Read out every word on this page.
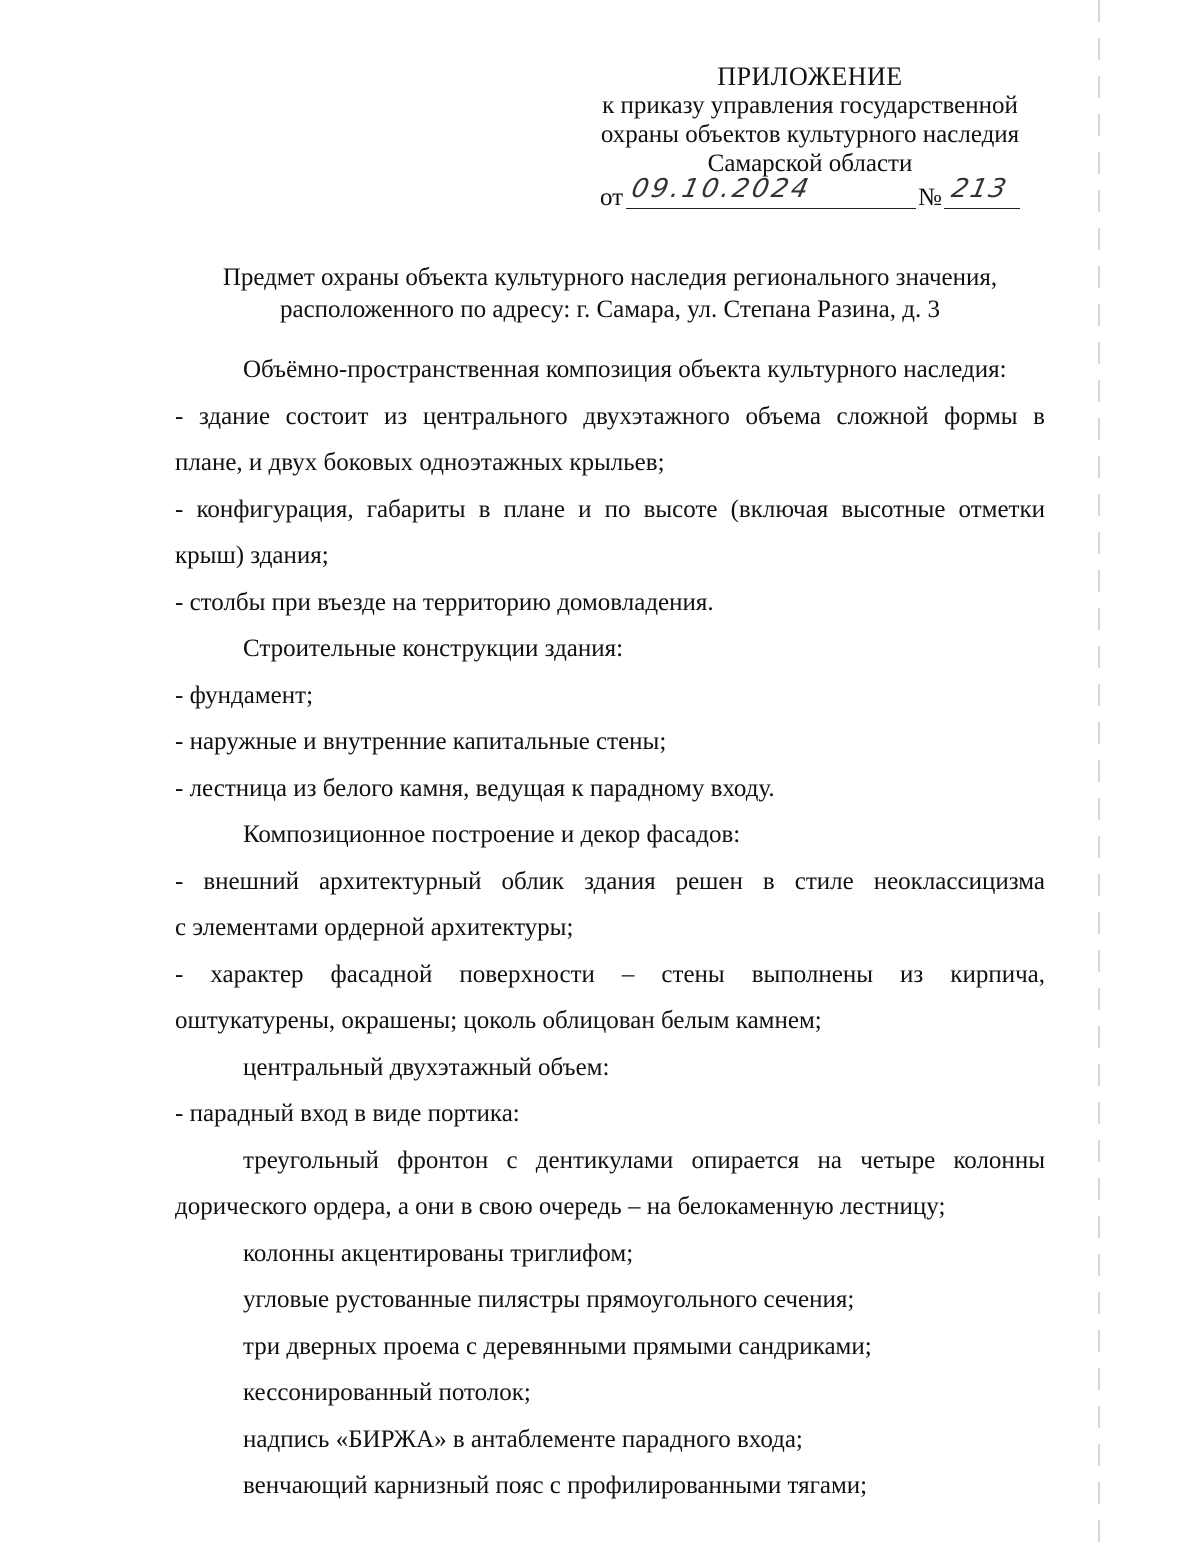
ПРИЛОЖЕНИЕ
к приказу управления государственной
охраны объектов культурного наследия
Самарской области
от 09.10.2024	№ 213
Предмет охраны объекта культурного наследия регионального значения,
расположенного по адресу: г. Самара, ул. Степана Разина, д. 3
Объёмно-пространственная композиция объекта культурного наследия:
- здание состоит из центрального двухэтажного объема сложной формы в
плане, и двух боковых одноэтажных крыльев;
- конфигурация, габариты в плане и по высоте (включая высотные отметки
крыш) здания;
- столбы при въезде на территорию домовладения.
Строительные конструкции здания:
- фундамент;
- наружные и внутренние капитальные стены;
- лестница из белого камня, ведущая к парадному входу.
Композиционное построение и декор фасадов:
- внешний архитектурный облик здания решен в стиле неоклассицизма
с элементами ордерной архитектуры;
- характер фасадной поверхности – стены выполнены из кирпича,
оштукатурены, окрашены; цоколь облицован белым камнем;
центральный двухэтажный объем:
- парадный вход в виде портика:
треугольный фронтон с дентикулами опирается на четыре колонны
дорического ордера, а они в свою очередь – на белокаменную лестницу;
колонны акцентированы триглифом;
угловые рустованные пилястры прямоугольного сечения;
три дверных проема с деревянными прямыми сандриками;
кессонированный потолок;
надпись «БИРЖА» в антаблементе парадного входа;
венчающий карнизный пояс с профилированными тягами;
